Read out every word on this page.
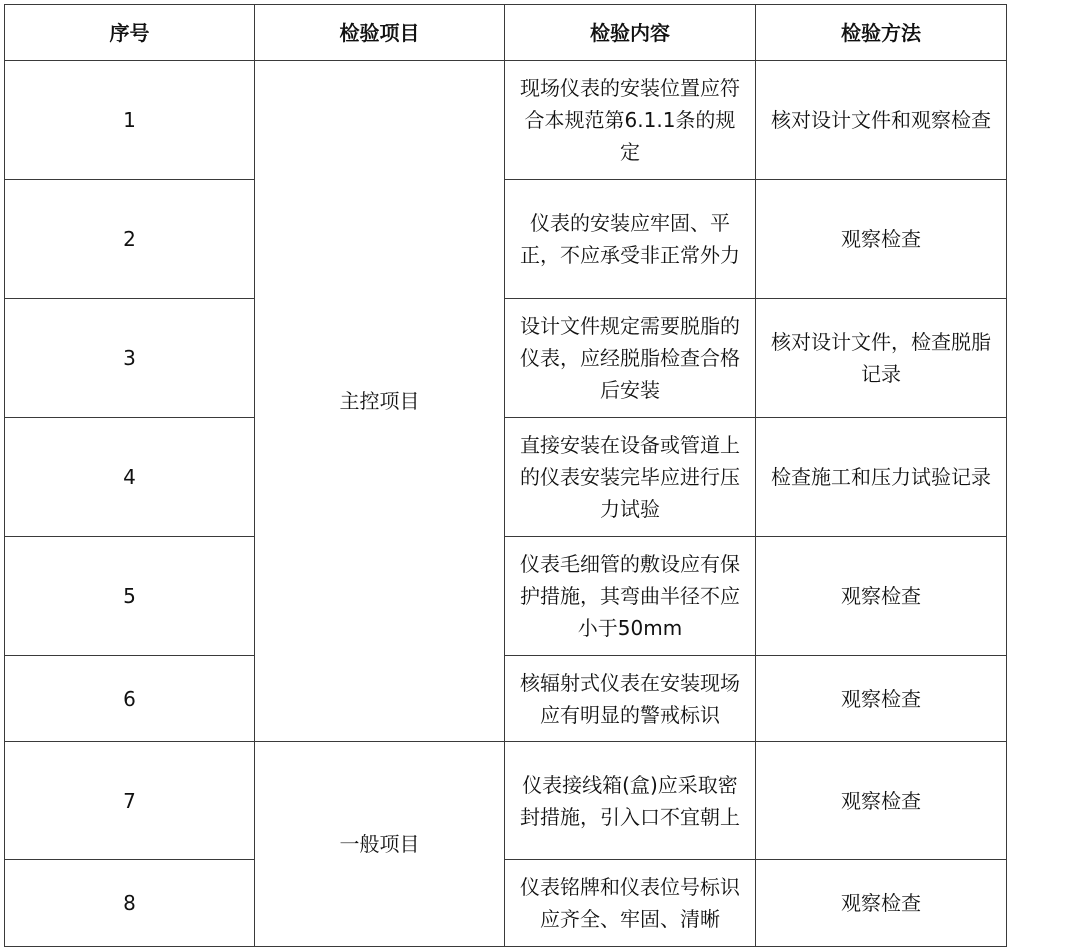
序号	检验项目	检验内容	检验方法
1	主控项目	现场仪表的安装位置应符合本规范第6.1.1条的规定	核对设计文件和观察检查
2		仪表的安装应牢固、平正，不应承受非正常外力	观察检查
3		设计文件规定需要脱脂的仪表，应经脱脂检查合格后安装	核对设计文件，检查脱脂记录
4		直接安装在设备或管道上的仪表安装完毕应进行压力试验	检查施工和压力试验记录
5		仪表毛细管的敷设应有保护措施，其弯曲半径不应小于50mm	观察检查
6		核辐射式仪表在安装现场应有明显的警戒标识	观察检查
7	一般项目	仪表接线箱(盒)应采取密封措施，引入口不宜朝上	观察检查
8		仪表铭牌和仪表位号标识应齐全、牢固、清晰	观察检查
